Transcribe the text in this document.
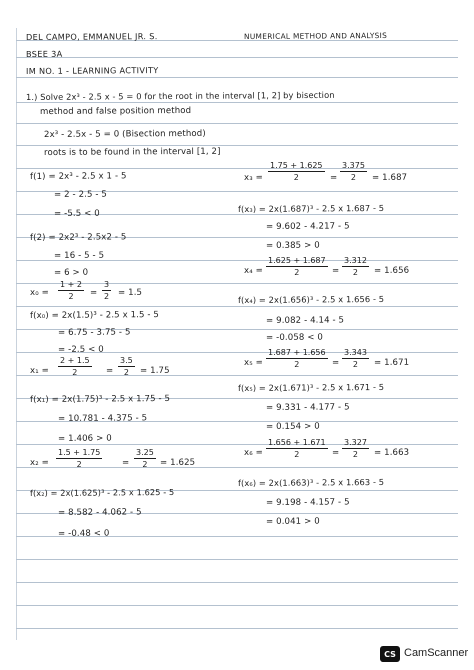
DEL CAMPO, EMMANUEL JR. S.	NUMERICAL METHOD AND ANALYSIS
BSEE 3A
IM NO. 1 - LEARNING ACTIVITY
1.) Solve 2x³ - 2.5 x - 5 = 0 for the root in the interval [1, 2] by bisection
method and false position method
2x³ - 2.5x - 5 = 0 (Bisection method)
roots is to be found in the interval [1, 2]
f(1) = 2x³ - 2.5 x 1 - 5
= 2 - 2.5 - 5
= -5.5 < 0
f(2) = 2x2³ - 2.5x2 - 5
= 16 - 5 - 5
= 6 > 0
$x_0 = \frac{1 + 2}{2} = \frac{3}{2} = 1.5$
f(x₀) = 2x(1.5)³ - 2.5 x 1.5 - 5
= 6.75 - 3.75 - 5
= -2.5 < 0
$x_1 = \frac{2 + 1.5}{2} = \frac{3.5}{2} = 1.75$
f(x₁) = 2x(1.75)³ - 2.5 x 1.75 - 5
= 10.781 - 4.375 - 5
= 1.406 > 0
$x_2 = \frac{1.5 + 1.75}{2} = \frac{3.25}{2} = 1.625$
f(x₂) = 2x(1.625)³ - 2.5 x 1.625 - 5
= 8.582 - 4.062 - 5
= -0.48 < 0
$x_3 = \frac{1.75 + 1.625}{2} = \frac{3.375}{2} = 1.687$
f(x₃) = 2x(1.687)³ - 2.5 x 1.687 - 5
= 9.602 - 4.217 - 5
= 0.385 > 0
$x_4 = \frac{1.625 + 1.687}{2} = \frac{3.312}{2} = 1.656$
f(x₄) = 2x(1.656)³ - 2.5 x 1.656 - 5
= 9.082 - 4.14 - 5
= -0.058 < 0
$x_5 = \frac{1.687 + 1.656}{2} = \frac{3.343}{2} = 1.671$
f(x₅) = 2x(1.671)³ - 2.5 x 1.671 - 5
= 9.331 - 4.177 - 5
= 0.154 > 0
$x_6 = \frac{1.656 + 1.671}{2} = \frac{3.327}{2} = 1.663$
f(x₆) = 2x(1.663)³ - 2.5 x 1.663 - 5
= 9.198 - 4.157 - 5
= 0.041 > 0
CS CamScanner
